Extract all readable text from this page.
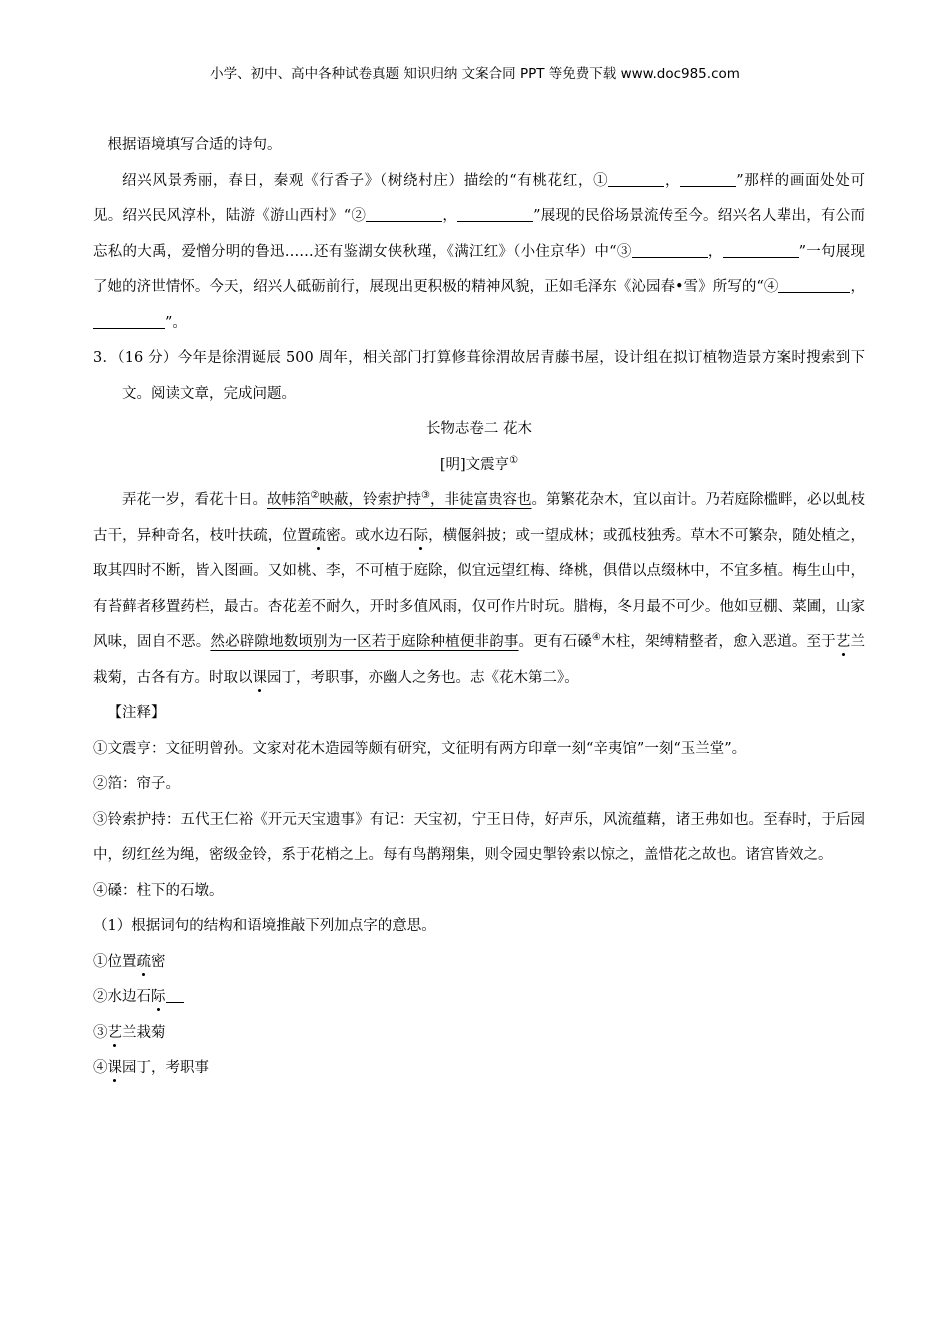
小学、初中、高中各种试卷真题 知识归纳 文案合同 PPT 等免费下载 www.doc985.com

根据语境填写合适的诗句。

绍兴风景秀丽，春日，秦观《行香子》（树绕村庄）描绘的“有桃花红，①	，	”那样的画面处处可见。绍兴民风淳朴，陆游《游山西村》“②	，	”展现的民俗场景流传至今。绍兴名人辈出，有公而忘私的大禹，爱憎分明的鲁迅……还有鉴湖女侠秋瑾，《满江红》（小住京华）中“③	，	”一句展现了她的济世情怀。今天，绍兴人砥砺前行，展现出更积极的精神风貌，正如毛泽东《沁园春•雪》所写的“④	，”。

3．（16 分）今年是徐渭诞辰 500 周年，相关部门打算修葺徐渭故居青藤书屋，设计组在拟订植物造景方案时搜索到下文。阅读文章，完成问题。

长物志卷二 花木

[明]文震亨①

弄花一岁，看花十日。故帏箔②映蔽，铃索护持③，非徒富贵容也。第繁花杂木，宜以亩计。乃若庭除槛畔，必以虬枝古干，异种奇名，枝叶扶疏，位置疏密。或水边石际，横偃斜披；或一望成林；或孤枝独秀。草木不可繁杂，随处植之，取其四时不断，皆入图画。又如桃、李，不可植于庭除，似宜远望红梅、绛桃，俱借以点缀林中，不宜多植。梅生山中，有苔藓者移置药栏，最古。杏花差不耐久，开时多值风雨，仅可作片时玩。腊梅，冬月最不可少。他如豆棚、菜圃，山家风味，固自不恶。然必辟隙地数顷别为一区若于庭除种植便非韵事。更有石磉④木柱，架缚精整者，愈入恶道。至于艺兰栽菊，古各有方。时取以课园丁，考职事，亦幽人之务也。志《花木第二》。

【注释】

①文震亨：文征明曾孙。文家对花木造园等颇有研究，文征明有两方印章一刻“辛夷馆”一刻“玉兰堂”。

②箔：帘子。

③铃索护持：五代王仁裕《开元天宝遗事》有记：天宝初，宁王日侍，好声乐，风流蕴藉，诸王弗如也。至春时，于后园中，纫红丝为绳，密级金铃，系于花梢之上。每有鸟鹊翔集，则令园史掣铃索以惊之，盖惜花之故也。诸宫皆效之。

④磉：柱下的石墩。

（1）根据词句的结构和语境推敲下列加点字的意思。

①位置疏密

②水边石际

③艺兰栽菊

④课园丁，考职事
